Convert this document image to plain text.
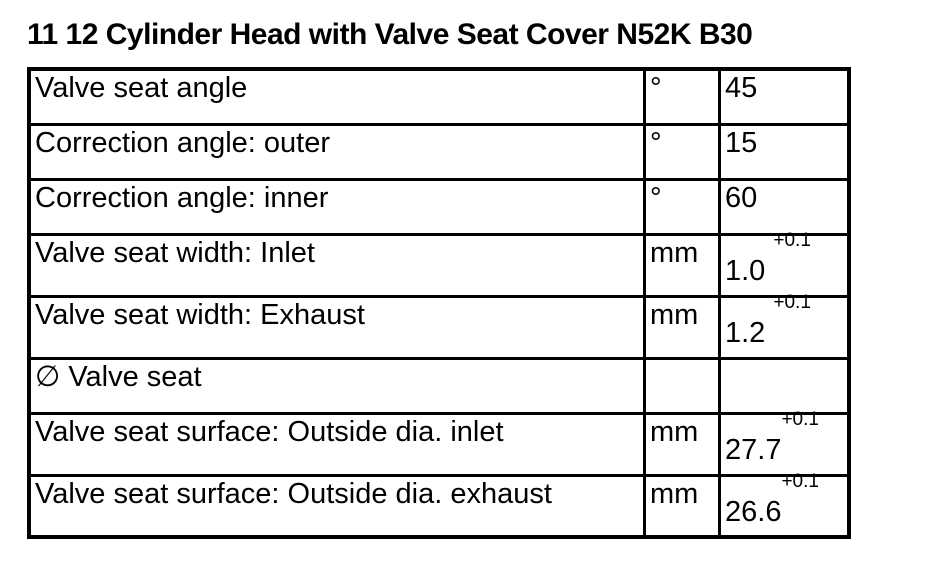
11 12 Cylinder Head with Valve Seat Cover N52K B30
Valve seat angle	°	45
Correction angle: outer	°	15
Correction angle: inner	°	60
Valve seat width: Inlet	mm	1.0 $^{+0.1}$
Valve seat width: Exhaust	mm	1.2 $^{+0.1}$
∅ Valve seat		
Valve seat surface: Outside dia. inlet	mm	$27.7^{+0.1}$
Valve seat surface: Outside dia. exhaust	mm	$26.6^{+0.1}$
